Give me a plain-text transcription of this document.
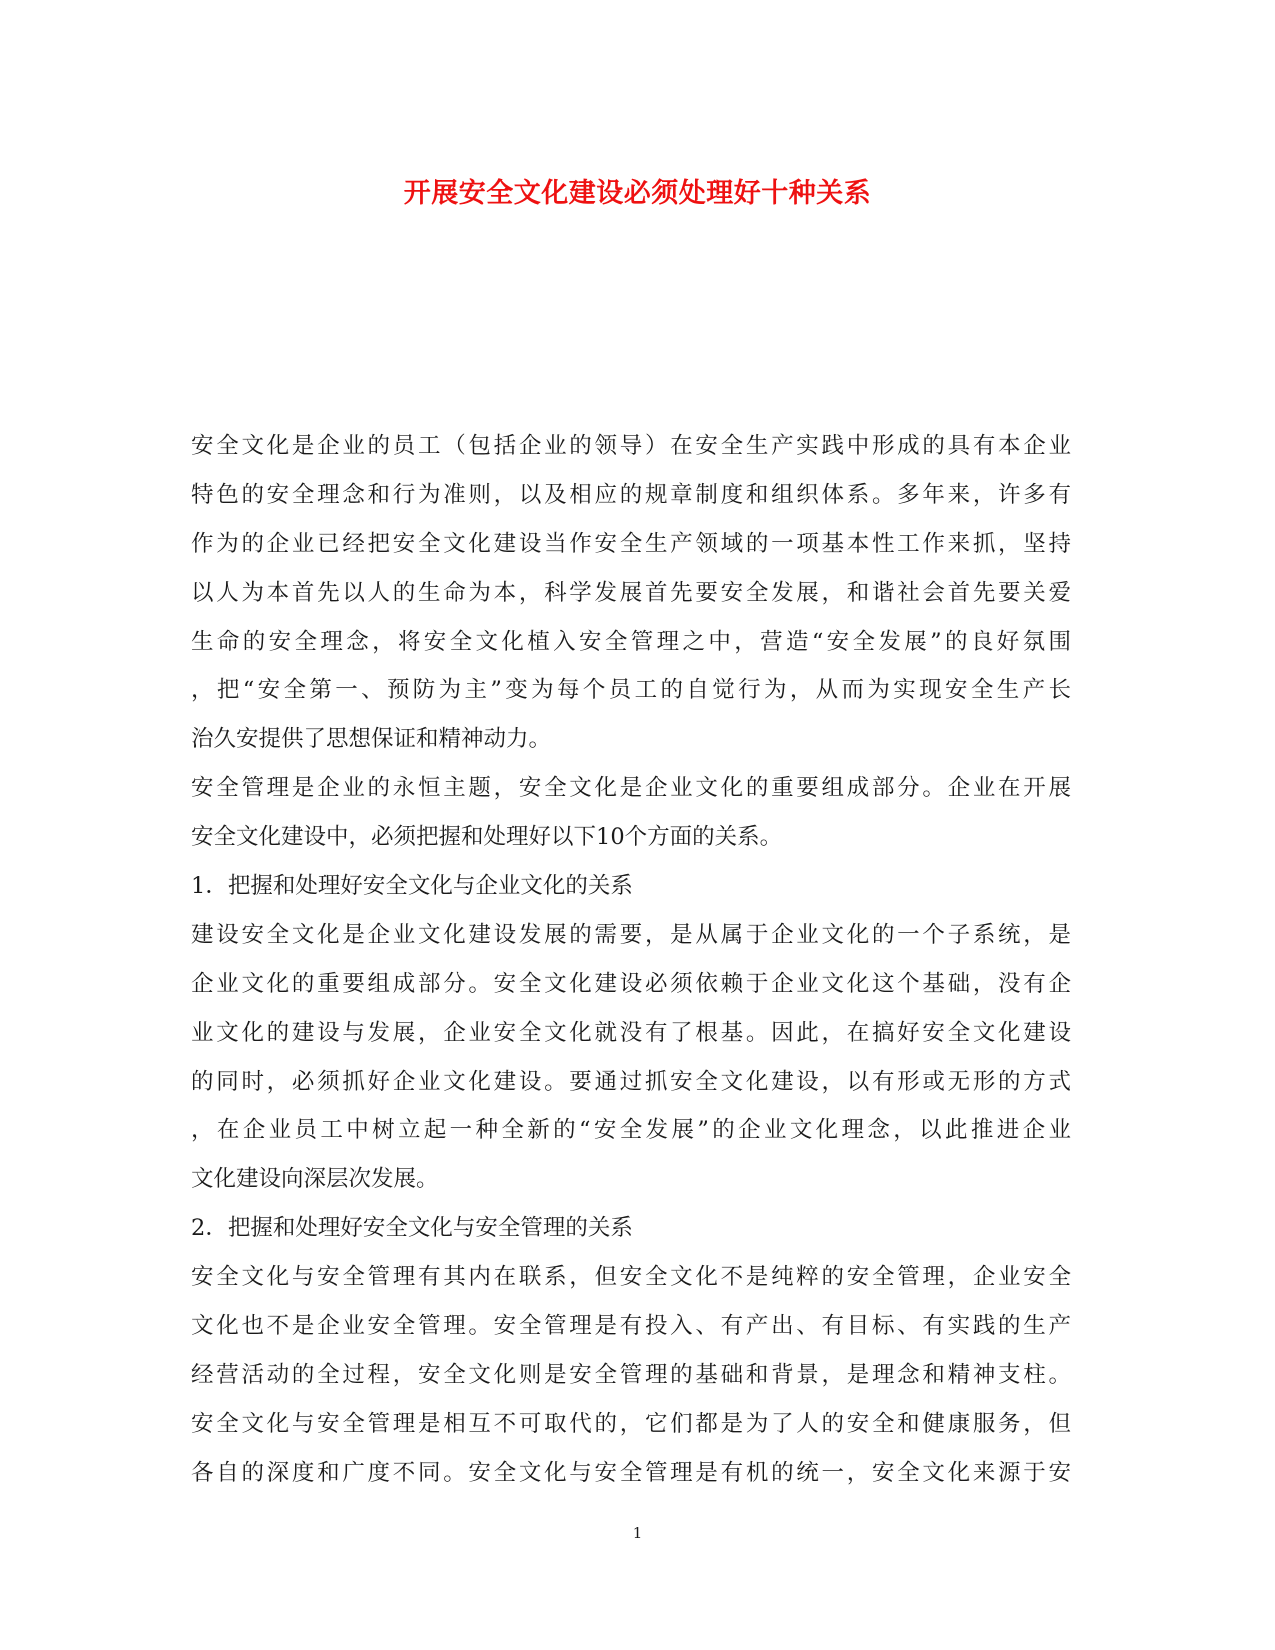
开展安全文化建设必须处理好十种关系

安全文化是企业的员工（包括企业的领导）在安全生产实践中形成的具有本企业

特色的安全理念和行为准则，以及相应的规章制度和组织体系。多年来，许多有

作为的企业已经把安全文化建设当作安全生产领域的一项基本性工作来抓，坚持

以人为本首先以人的生命为本，科学发展首先要安全发展，和谐社会首先要关爱

生命的安全理念，将安全文化植入安全管理之中，营造“安全发展”的良好氛围

，把“安全第一、预防为主”变为每个员工的自觉行为，从而为实现安全生产长

治久安提供了思想保证和精神动力。

安全管理是企业的永恒主题，安全文化是企业文化的重要组成部分。企业在开展

安全文化建设中，必须把握和处理好以下10个方面的关系。

1．把握和处理好安全文化与企业文化的关系

建设安全文化是企业文化建设发展的需要，是从属于企业文化的一个子系统，是

企业文化的重要组成部分。安全文化建设必须依赖于企业文化这个基础，没有企

业文化的建设与发展，企业安全文化就没有了根基。因此，在搞好安全文化建设

的同时，必须抓好企业文化建设。要通过抓安全文化建设，以有形或无形的方式

，在企业员工中树立起一种全新的“安全发展”的企业文化理念，以此推进企业

文化建设向深层次发展。

2．把握和处理好安全文化与安全管理的关系

安全文化与安全管理有其内在联系，但安全文化不是纯粹的安全管理，企业安全

文化也不是企业安全管理。安全管理是有投入、有产出、有目标、有实践的生产

经营活动的全过程，安全文化则是安全管理的基础和背景，是理念和精神支柱。

安全文化与安全管理是相互不可取代的，它们都是为了人的安全和健康服务，但

各自的深度和广度不同。安全文化与安全管理是有机的统一，安全文化来源于安

1
